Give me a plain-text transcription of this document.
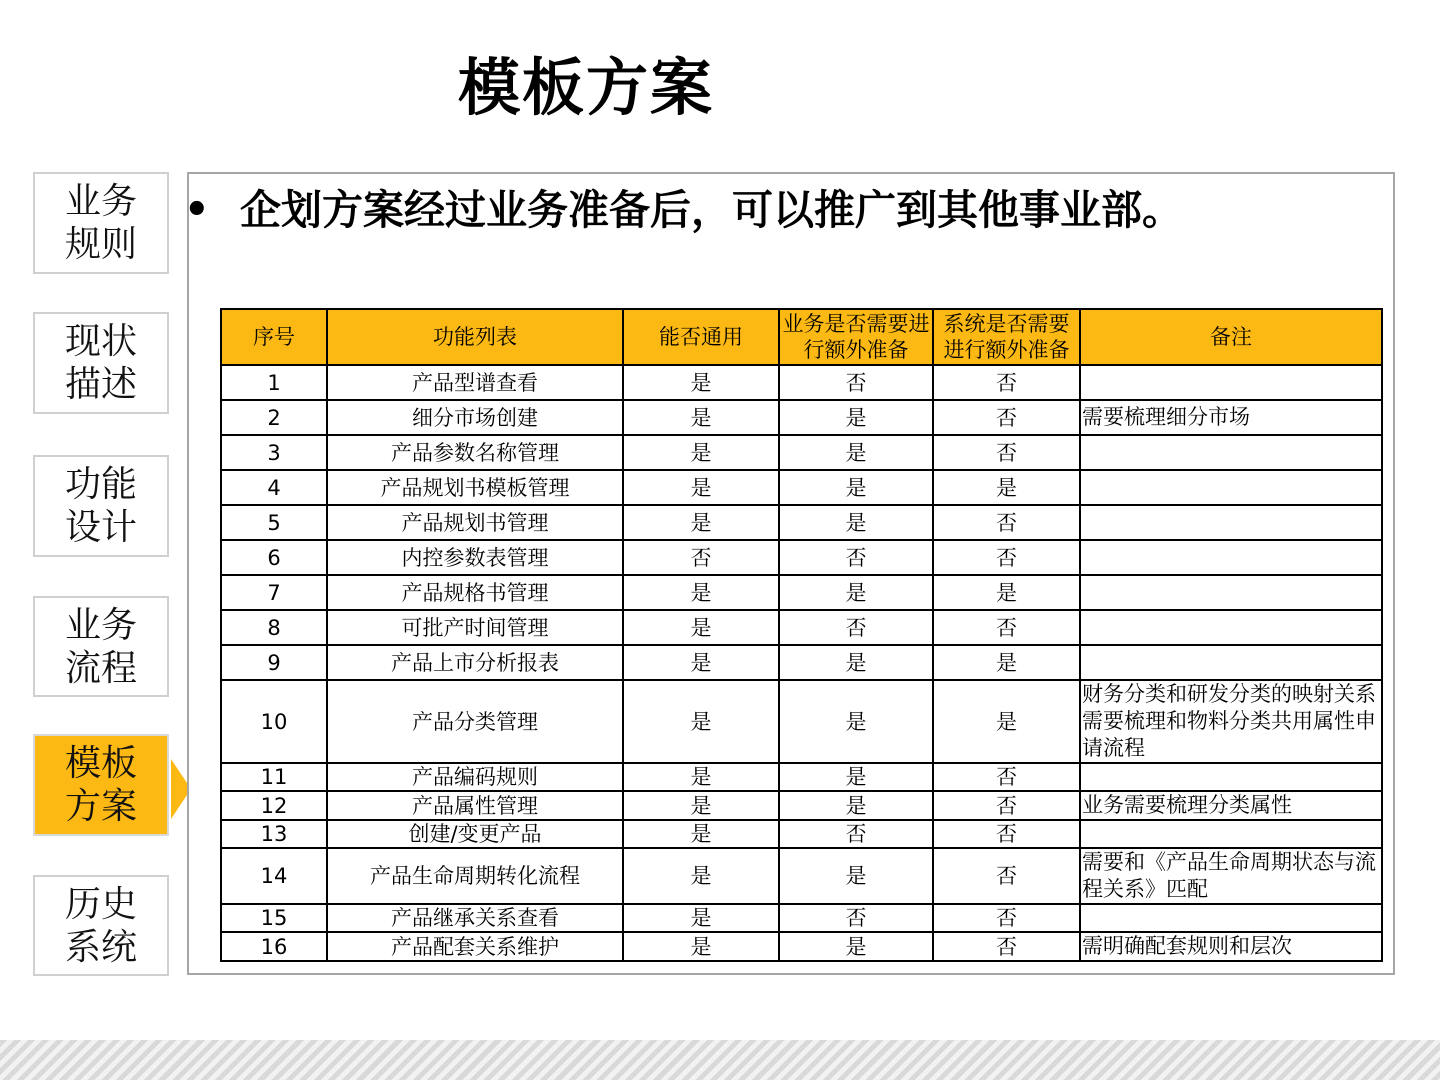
模板方案
业务规则
现状描述
功能设计
业务流程
模板方案
历史系统
• 企划方案经过业务准备后，可以推广到其他事业部。
序号	功能列表	能否通用	业务是否需要进行额外准备	系统是否需要进行额外准备	备注
1	产品型谱查看	是	否	否	
2	细分市场创建	是	是	否	需要梳理细分市场
3	产品参数名称管理	是	是	否	
4	产品规划书模板管理	是	是	是	
5	产品规划书管理	是	是	否	
6	内控参数表管理	否	否	否	
7	产品规格书管理	是	是	是	
8	可批产时间管理	是	否	否	
9	产品上市分析报表	是	是	是	
10	产品分类管理	是	是	是	财务分类和研发分类的映射关系需要梳理和物料分类共用属性申请流程
11	产品编码规则	是	是	否	
12	产品属性管理	是	是	否	业务需要梳理分类属性
13	创建/变更产品	是	否	否	
14	产品生命周期转化流程	是	是	否	需要和《产品生命周期状态与流程关系》匹配
15	产品继承关系查看	是	否	否	
16	产品配套关系维护	是	是	否	需明确配套规则和层次
